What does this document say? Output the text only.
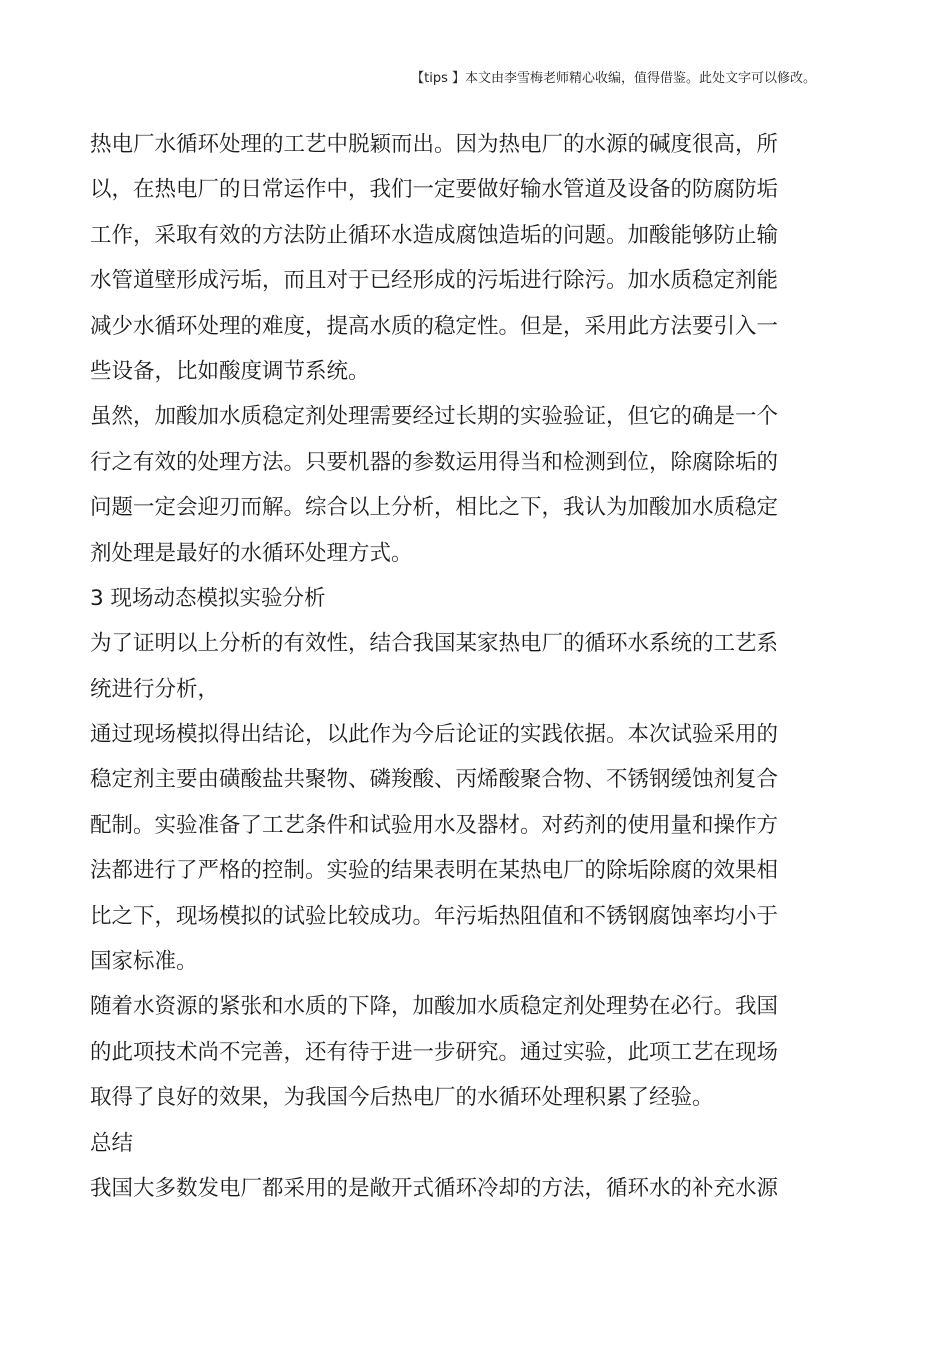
【tips 】本文由李雪梅老师精心收编，值得借鉴。此处文字可以修改。
热电厂水循环处理的工艺中脱颖而出。因为热电厂的水源的碱度很高，所
以，在热电厂的日常运作中，我们一定要做好输水管道及设备的防腐防垢
工作，采取有效的方法防止循环水造成腐蚀造垢的问题。加酸能够防止输
水管道壁形成污垢，而且对于已经形成的污垢进行除污。加水质稳定剂能
减少水循环处理的难度，提高水质的稳定性。但是，采用此方法要引入一
些设备，比如酸度调节系统。
虽然，加酸加水质稳定剂处理需要经过长期的实验验证，但它的确是一个
行之有效的处理方法。只要机器的参数运用得当和检测到位，除腐除垢的
问题一定会迎刃而解。综合以上分析，相比之下，我认为加酸加水质稳定
剂处理是最好的水循环处理方式。
3 现场动态模拟实验分析
为了证明以上分析的有效性，结合我国某家热电厂的循环水系统的工艺系
统进行分析，
通过现场模拟得出结论，以此作为今后论证的实践依据。本次试验采用的
稳定剂主要由磺酸盐共聚物、磷羧酸、丙烯酸聚合物、不锈钢缓蚀剂复合
配制。实验准备了工艺条件和试验用水及器材。对药剂的使用量和操作方
法都进行了严格的控制。实验的结果表明在某热电厂的除垢除腐的效果相
比之下，现场模拟的试验比较成功。年污垢热阻值和不锈钢腐蚀率均小于
国家标准。
随着水资源的紧张和水质的下降，加酸加水质稳定剂处理势在必行。我国
的此项技术尚不完善，还有待于进一步研究。通过实验，此项工艺在现场
取得了良好的效果，为我国今后热电厂的水循环处理积累了经验。
总结
我国大多数发电厂都采用的是敞开式循环冷却的方法，循环水的补充水源
